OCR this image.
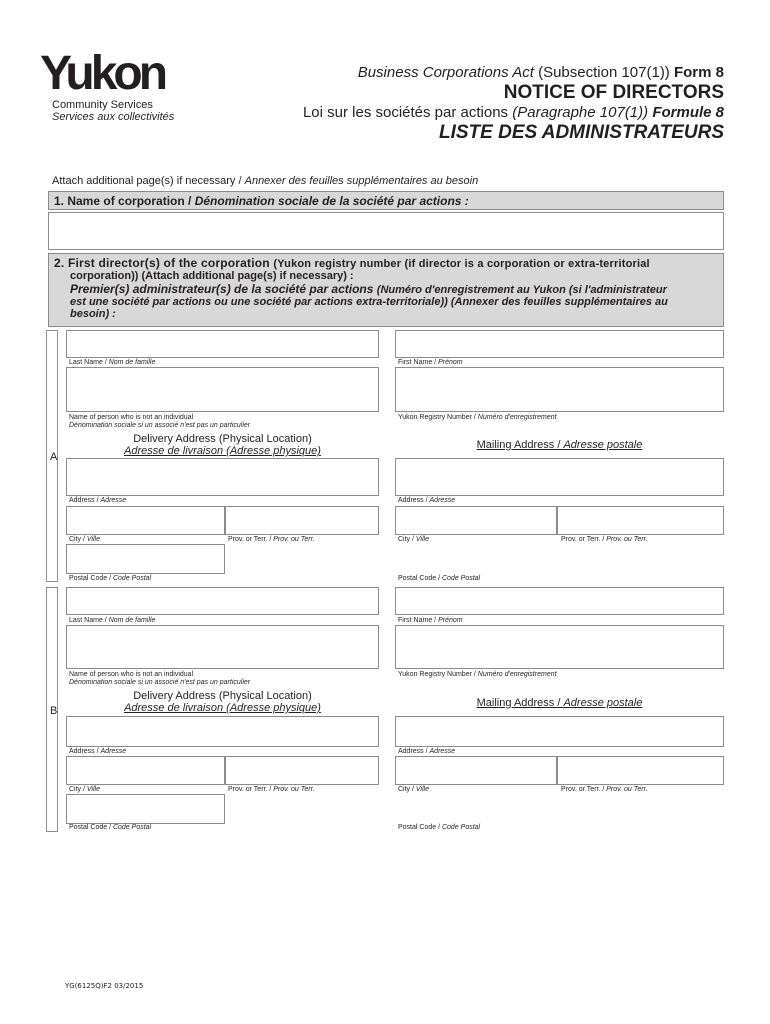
Yukon
Community Services
Services aux collectivités
Business Corporations Act (Subsection 107(1)) Form 8
NOTICE OF DIRECTORS
Loi sur les sociétés par actions (Paragraphe 107(1)) Formule 8
LISTE DES ADMINISTRATEURS
Attach additional page(s) if necessary / Annexer des feuilles supplémentaires au besoin
1. Name of corporation / Dénomination sociale de la société par actions :
2. First director(s) of the corporation (Yukon registry number (if director is a corporation or extra-territorial
corporation)) (Attach additional page(s) if necessary) :
Premier(s) administrateur(s) de la société par actions (Numéro d'enregistrement au Yukon (si l'administrateur
est une société par actions ou une société par actions extra-territoriale)) (Annexer des feuilles supplémentaires au
besoin) :
A
Last Name / Nom de famille	First Name / Prénom
Name of person who is not an individual
Dénomination sociale si un associé n'est pas un particulier
Yukon Registry Number / Numéro d'enregistrement
Delivery Address (Physical Location)
Adresse de livraison (Adresse physique)	Mailing Address / Adresse postale
Address / Adresse	Address / Adresse
City / Ville	Prov. or Terr. / Prov. ou Terr.	City / Ville	Prov. or Terr. / Prov. ou Terr.
Postal Code / Code Postal	Postal Code / Code Postal
B
Last Name / Nom de famille	First Name / Prénom
Name of person who is not an individual
Dénomination sociale si un associé n'est pas un particulier
Yukon Registry Number / Numéro d'enregistrement
Delivery Address (Physical Location)
Adresse de livraison (Adresse physique)	Mailing Address / Adresse postale
Address / Adresse	Address / Adresse
City / Ville	Prov. or Terr. / Prov. ou Terr.	City / Ville	Prov. or Terr. / Prov. ou Terr.
Postal Code / Code Postal	Postal Code / Code Postal
YG(6125Q)F2 03/2015
